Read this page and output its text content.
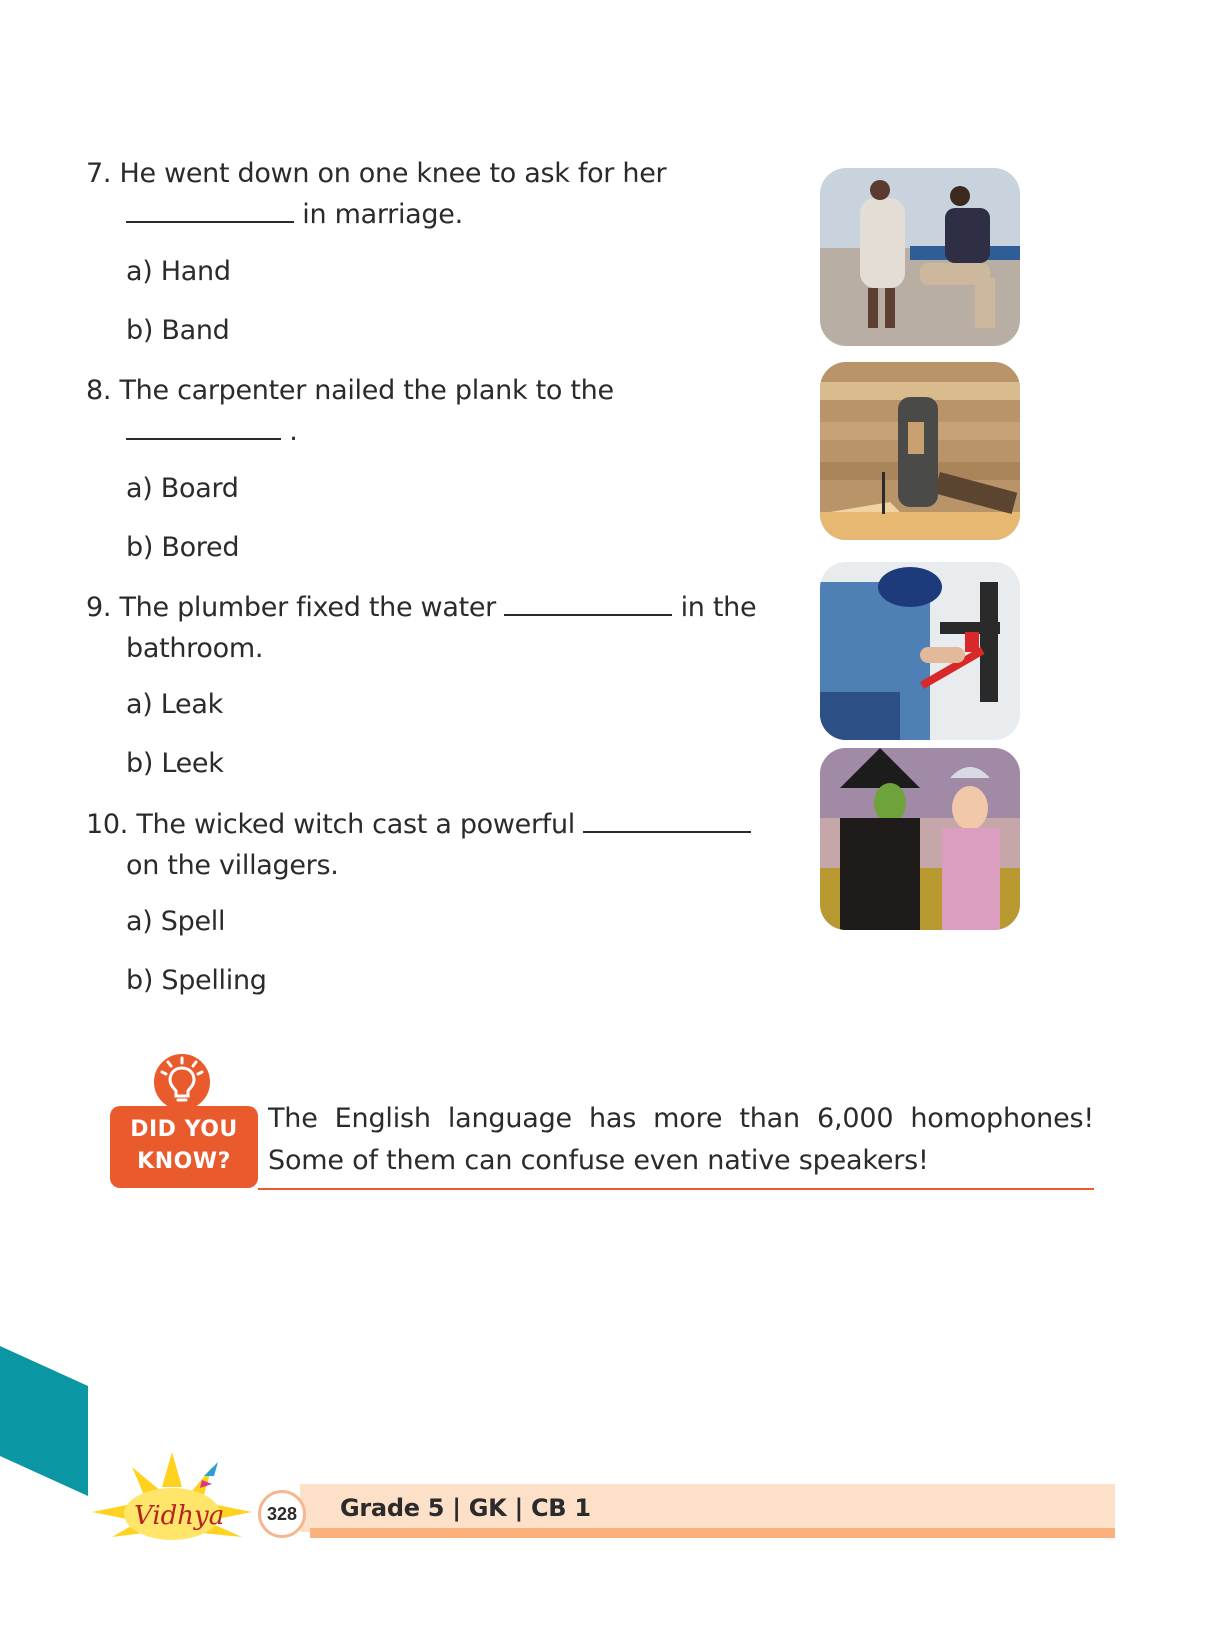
7. He went down on one knee to ask for her
in marriage.
a) Hand
b) Band
8. The carpenter nailed the plank to the
.
a) Board
b) Bored
9. The plumber fixed the water	in the
bathroom.
a) Leak
b) Leek
10. The wicked witch cast a powerful
on the villagers.
a) Spell
b) Spelling
DID YOU
KNOW?
The English language has more than 6,000 homophones! Some of them can confuse even native speakers!
Vidhya	328	Grade 5 | GK | CB 1
